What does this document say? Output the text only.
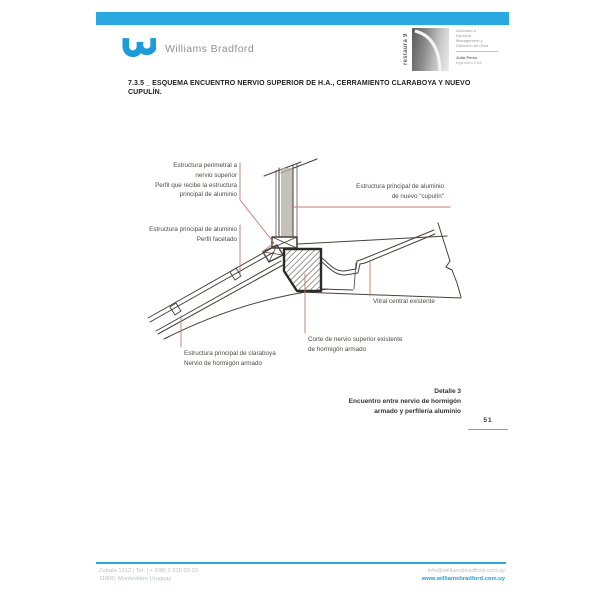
Williams Bradford	restaura 9
Asociado a
Ejercicio
Management y
Dirección de Obra
Julio Pérez
Ingeniero Civil
7.3.5 _ ESQUEMA ENCUENTRO NERVIO SUPERIOR DE H.A., CERRAMIENTO CLARABOYA Y NUEVO CUPULÍN.
Estructura perimetral a
nervio superior
Perfil que recibe la estructura
principal de aluminio
Estructura principal de aluminio
Perfil facetado
Estructura principal de aluminio
de nuevo "cupulín"
Vitral central existente
Corte de nervio superior existente
de hormigón armado
Estructura principal de claraboya
Nervio de hormigón armado
Detalle 3
Encuentro entre nervio de hormigón
armado y perfilería aluminio
51
Zabala 1312 | Tel: | + 598| 2 915 03 02
11000, Montevideo Uruguay
info@williamsbradford.com.uy
www.williamsbradford.com.uy
